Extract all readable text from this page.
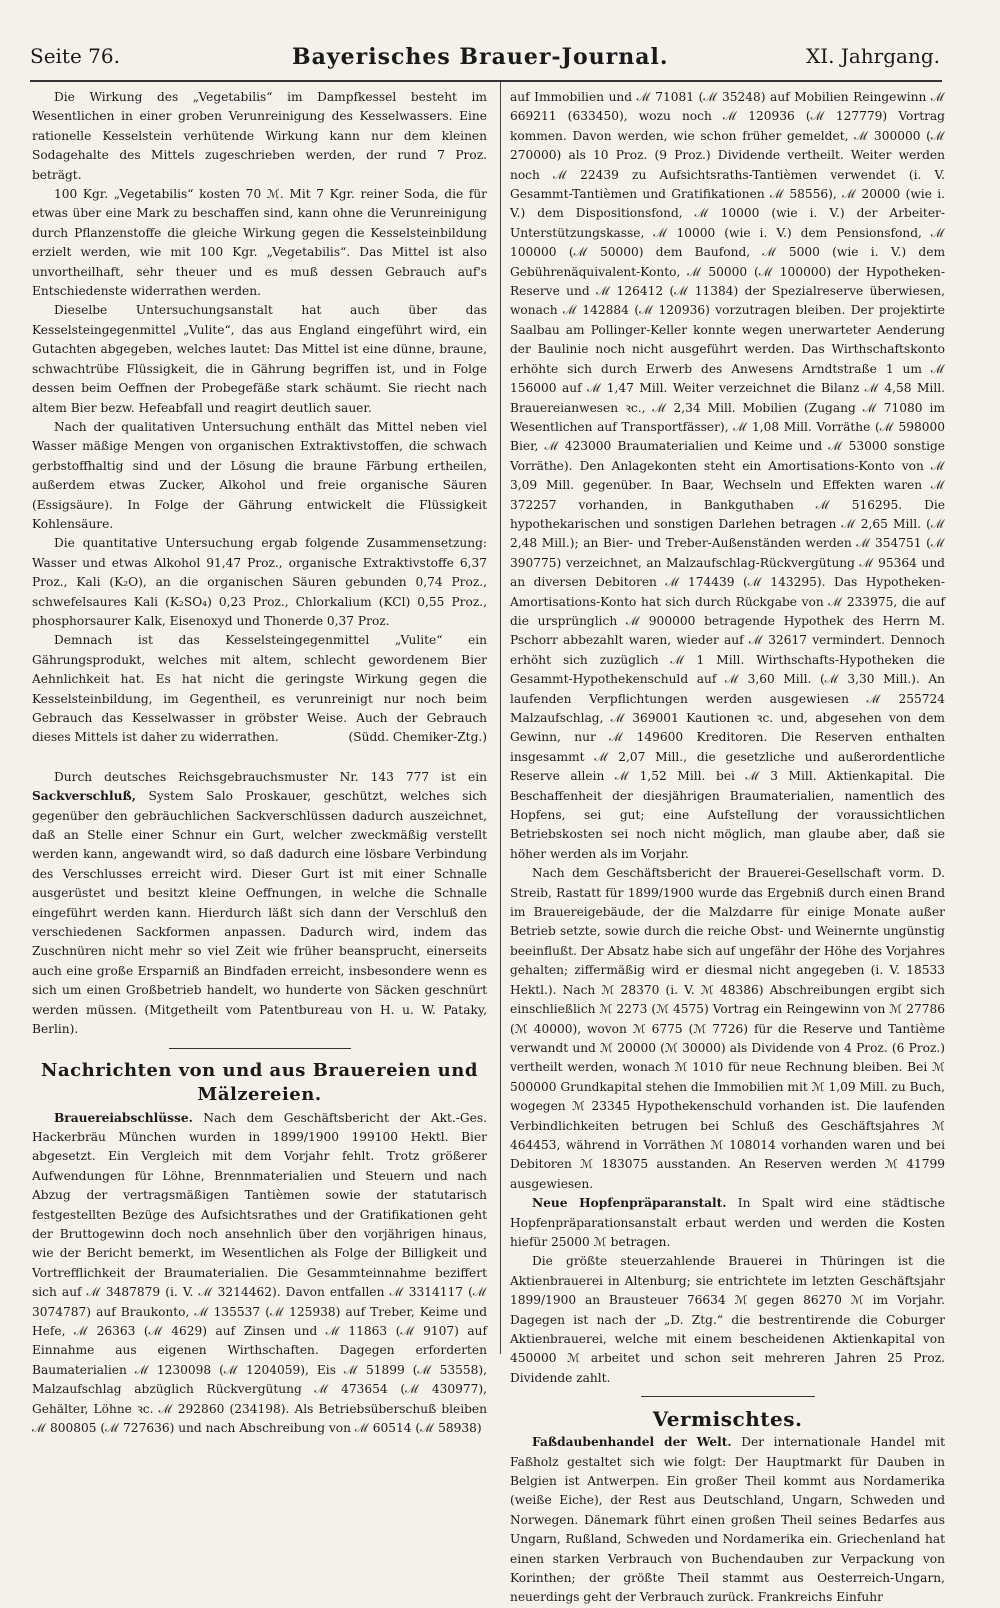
Seite 76.	Bayerisches Brauer-Journal.	XI. Jahrgang.

Die Wirkung des „Vegetabilis“ im Dampfkessel besteht im Wesentlichen in einer groben Verunreinigung des Kesselwassers. Eine rationelle Kesselstein verhütende Wirkung kann nur dem kleinen Sodagehalte des Mittels zugeschrieben werden, der rund 7 Proz. beträgt.

100 Kgr. „Vegetabilis“ kosten 70 ℳ. Mit 7 Kgr. reiner Soda, die für etwas über eine Mark zu beschaffen sind, kann ohne die Verunreinigung durch Pflanzenstoffe die gleiche Wirkung gegen die Kesselsteinbildung erzielt werden, wie mit 100 Kgr. „Vegetabilis“. Das Mittel ist also unvortheilhaft, sehr theuer und es muß dessen Gebrauch auf's Entschiedenste widerrathen werden.

Dieselbe Untersuchungsanstalt hat auch über das Kesselsteingegenmittel „Vulite“, das aus England eingeführt wird, ein Gutachten abgegeben, welches lautet: Das Mittel ist eine dünne, braune, schwachtrübe Flüssigkeit, die in Gährung begriffen ist, und in Folge dessen beim Oeffnen der Probegefäße stark schäumt. Sie riecht nach altem Bier bezw. Hefeabfall und reagirt deutlich sauer.

Nach der qualitativen Untersuchung enthält das Mittel neben viel Wasser mäßige Mengen von organischen Extraktivstoffen, die schwach gerbstoffhaltig sind und der Lösung die braune Färbung ertheilen, außerdem etwas Zucker, Alkohol und freie organische Säuren (Essigsäure). In Folge der Gährung entwickelt die Flüssigkeit Kohlensäure.

Die quantitative Untersuchung ergab folgende Zusammensetzung: Wasser und etwas Alkohol 91,47 Proz., organische Extraktivstoffe 6,37 Proz., Kali (K₂O), an die organischen Säuren gebunden 0,74 Proz., schwefelsaures Kali (K₂SO₄) 0,23 Proz., Chlorkalium (KCl) 0,55 Proz., phosphorsaurer Kalk, Eisenoxyd und Thonerde 0,37 Proz.

Demnach ist das Kesselsteingegenmittel „Vulite“ ein Gährungsprodukt, welches mit altem, schlecht gewordenem Bier Aehnlichkeit hat. Es hat nicht die geringste Wirkung gegen die Kesselsteinbildung, im Gegentheil, es verunreinigt nur noch beim Gebrauch das Kesselwasser in gröbster Weise. Auch der Gebrauch dieses Mittels ist daher zu widerrathen.	(Südd. Chemiker-Ztg.)

Durch deutsches Reichsgebrauchsmuster Nr. 143 777 ist ein Sackverschluß, System Salo Proskauer, geschützt, welches sich gegenüber den gebräuchlichen Sackverschlüssen dadurch auszeichnet, daß an Stelle einer Schnur ein Gurt, welcher zweckmäßig verstellt werden kann, angewandt wird, so daß dadurch eine lösbare Verbindung des Verschlusses erreicht wird. Dieser Gurt ist mit einer Schnalle ausgerüstet und besitzt kleine Oeffnungen, in welche die Schnalle eingeführt werden kann. Hierdurch läßt sich dann der Verschluß den verschiedenen Sackformen anpassen. Dadurch wird, indem das Zuschnüren nicht mehr so viel Zeit wie früher beansprucht, einerseits auch eine große Ersparniß an Bindfaden erreicht, insbesondere wenn es sich um einen Großbetrieb handelt, wo hunderte von Säcken geschnürt werden müssen. (Mitgetheilt vom Patentbureau von H. u. W. Pataky, Berlin).

Nachrichten von und aus Brauereien und Mälzereien.

Brauereiabschlüsse. Nach dem Geschäftsbericht der Akt.-Ges. Hackerbräu München wurden in 1899/1900 199100 Hektl. Bier abgesetzt. Ein Vergleich mit dem Vorjahr fehlt. Trotz größerer Aufwendungen für Löhne, Brennmaterialien und Steuern und nach Abzug der vertragsmäßigen Tantièmen sowie der statutarisch festgestellten Bezüge des Aufsichtsrathes und der Gratifikationen geht der Bruttogewinn doch noch ansehnlich über den vorjährigen hinaus, wie der Bericht bemerkt, im Wesentlichen als Folge der Billigkeit und Vortrefflichkeit der Braumaterialien. Die Gesammteinnahme beziffert sich auf ℳ 3487879 (i. V. ℳ 3214462). Davon entfallen ℳ 3314117 (ℳ 3074787) auf Braukonto, ℳ 135537 (ℳ 125938) auf Treber, Keime und Hefe, ℳ 26363 (ℳ 4629) auf Zinsen und ℳ 11863 (ℳ 9107) auf Einnahme aus eigenen Wirthschaften. Dagegen erforderten Baumaterialien ℳ 1230098 (ℳ 1204059), Eis ℳ 51899 (ℳ 53558), Malzaufschlag abzüglich Rückvergütung ℳ 473654 (ℳ 430977), Gehälter, Löhne ꝛc. ℳ 292860 (234198). Als Betriebsüberschuß bleiben ℳ 800805 (ℳ 727636) und nach Abschreibung von ℳ 60514 (ℳ 58938)

auf Immobilien und ℳ 71081 (ℳ 35248) auf Mobilien Reingewinn ℳ 669211 (633450), wozu noch ℳ 120936 (ℳ 127779) Vortrag kommen. Davon werden, wie schon früher gemeldet, ℳ 300000 (ℳ 270000) als 10 Proz. (9 Proz.) Dividende vertheilt. Weiter werden noch ℳ 22439 zu Aufsichtsraths-Tantièmen verwendet (i. V. Gesammt-Tantièmen und Gratifikationen ℳ 58556), ℳ 20000 (wie i. V.) dem Dispositionsfond, ℳ 10000 (wie i. V.) der Arbeiter-Unterstützungskasse, ℳ 10000 (wie i. V.) dem Pensionsfond, ℳ 100000 (ℳ 50000) dem Baufond, ℳ 5000 (wie i. V.) dem Gebührenäquivalent-Konto, ℳ 50000 (ℳ 100000) der Hypotheken-Reserve und ℳ 126412 (ℳ 11384) der Spezialreserve überwiesen, wonach ℳ 142884 (ℳ 120936) vorzutragen bleiben. Der projektirte Saalbau am Pollinger-Keller konnte wegen unerwarteter Aenderung der Baulinie noch nicht ausgeführt werden. Das Wirthschaftskonto erhöhte sich durch Erwerb des Anwesens Arndtstraße 1 um ℳ 156000 auf ℳ 1,47 Mill. Weiter verzeichnet die Bilanz ℳ 4,58 Mill. Brauereianwesen ꝛc., ℳ 2,34 Mill. Mobilien (Zugang ℳ 71080 im Wesentlichen auf Transportfässer), ℳ 1,08 Mill. Vorräthe (ℳ 598000 Bier, ℳ 423000 Braumaterialien und Keime und ℳ 53000 sonstige Vorräthe). Den Anlagekonten steht ein Amortisations-Konto von ℳ 3,09 Mill. gegenüber. In Baar, Wechseln und Effekten waren ℳ 372257 vorhanden, in Bankguthaben ℳ 516295. Die hypothekarischen und sonstigen Darlehen betragen ℳ 2,65 Mill. (ℳ 2,48 Mill.); an Bier- und Treber-Außenständen werden ℳ 354751 (ℳ 390775) verzeichnet, an Malzaufschlag-Rückvergütung ℳ 95364 und an diversen Debitoren ℳ 174439 (ℳ 143295). Das Hypotheken-Amortisations-Konto hat sich durch Rückgabe von ℳ 233975, die auf die ursprünglich ℳ 900000 betragende Hypothek des Herrn M. Pschorr abbezahlt waren, wieder auf ℳ 32617 vermindert. Dennoch erhöht sich zuzüglich ℳ 1 Mill. Wirthschafts-Hypotheken die Gesammt-Hypothekenschuld auf ℳ 3,60 Mill. (ℳ 3,30 Mill.). An laufenden Verpflichtungen werden ausgewiesen ℳ 255724 Malzaufschlag, ℳ 369001 Kautionen ꝛc. und, abgesehen von dem Gewinn, nur ℳ 149600 Kreditoren. Die Reserven enthalten insgesammt ℳ 2,07 Mill., die gesetzliche und außerordentliche Reserve allein ℳ 1,52 Mill. bei ℳ 3 Mill. Aktienkapital. Die Beschaffenheit der diesjährigen Braumaterialien, namentlich des Hopfens, sei gut; eine Aufstellung der voraussichtlichen Betriebskosten sei noch nicht möglich, man glaube aber, daß sie höher werden als im Vorjahr.

Nach dem Geschäftsbericht der Brauerei-Gesellschaft vorm. D. Streib, Rastatt für 1899/1900 wurde das Ergebniß durch einen Brand im Brauereigebäude, der die Malzdarre für einige Monate außer Betrieb setzte, sowie durch die reiche Obst- und Weinernte ungünstig beeinflußt. Der Absatz habe sich auf ungefähr der Höhe des Vorjahres gehalten; ziffermäßig wird er diesmal nicht angegeben (i. V. 18533 Hektl.). Nach ℳ 28370 (i. V. ℳ 48386) Abschreibungen ergibt sich einschließlich ℳ 2273 (ℳ 4575) Vortrag ein Reingewinn von ℳ 27786 (ℳ 40000), wovon ℳ 6775 (ℳ 7726) für die Reserve und Tantième verwandt und ℳ 20000 (ℳ 30000) als Dividende von 4 Proz. (6 Proz.) vertheilt werden, wonach ℳ 1010 für neue Rechnung bleiben. Bei ℳ 500000 Grundkapital stehen die Immobilien mit ℳ 1,09 Mill. zu Buch, wogegen ℳ 23345 Hypothekenschuld vorhanden ist. Die laufenden Verbindlichkeiten betrugen bei Schluß des Geschäftsjahres ℳ 464453, während in Vorräthen ℳ 108014 vorhanden waren und bei Debitoren ℳ 183075 ausstanden. An Reserven werden ℳ 41799 ausgewiesen.

Neue Hopfenpräparanstalt. In Spalt wird eine städtische Hopfenpräparationsanstalt erbaut werden und werden die Kosten hiefür 25000 ℳ betragen.

Die größte steuerzahlende Brauerei in Thüringen ist die Aktienbrauerei in Altenburg; sie entrichtete im letzten Geschäftsjahr 1899/1900 an Brausteuer 76634 ℳ gegen 86270 ℳ im Vorjahr. Dagegen ist nach der „D. Ztg.“ die bestrentirende die Coburger Aktienbrauerei, welche mit einem bescheidenen Aktienkapital von 450000 ℳ arbeitet und schon seit mehreren Jahren 25 Proz. Dividende zahlt.

Vermischtes.

Faßdaubenhandel der Welt. Der internationale Handel mit Faßholz gestaltet sich wie folgt: Der Hauptmarkt für Dauben in Belgien ist Antwerpen. Ein großer Theil kommt aus Nordamerika (weiße Eiche), der Rest aus Deutschland, Ungarn, Schweden und Norwegen. Dänemark führt einen großen Theil seines Bedarfes aus Ungarn, Rußland, Schweden und Nordamerika ein. Griechenland hat einen starken Verbrauch von Buchendauben zur Verpackung von Korinthen; der größte Theil stammt aus Oesterreich-Ungarn, neuerdings geht der Verbrauch zurück. Frankreichs Einfuhr
